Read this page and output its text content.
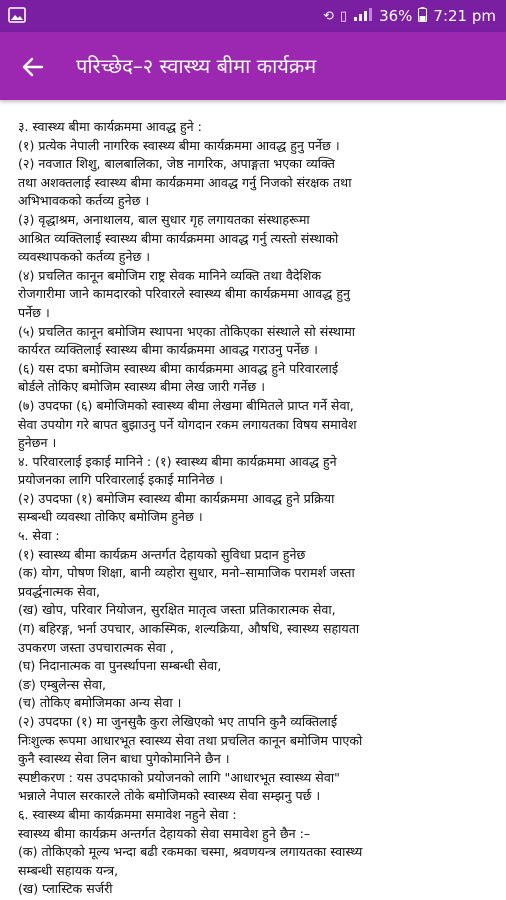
⟲ ▯ 36% 7:21 pm
परिच्छेद–२ स्वास्थ्य बीमा कार्यक्रम
३. स्वास्थ्य बीमा कार्यक्रममा आवद्ध हुने :
(१) प्रत्येक नेपाली नागरिक स्वास्थ्य बीमा कार्यक्रममा आवद्ध हुनु पर्नेछ ।
(२) नवजात शिशु, बालबालिका, जेष्ठ नागरिक, अपाङ्गता भएका व्यक्ति
तथा अशक्तलाई स्वास्थ्य बीमा कार्यक्रममा आवद्ध गर्नु निजको संरक्षक तथा
अभिभावकको कर्तव्य हुनेछ ।
(३) वृद्धाश्रम, अनाथालय, बाल सुधार गृह लगायतका संस्थाहरूमा
आश्रित व्यक्तिलाई स्वास्थ्य बीमा कार्यक्रममा आवद्ध गर्नु त्यस्तो संस्थाको
व्यवस्थापकको कर्तव्य हुनेछ ।
(४) प्रचलित कानून बमोजिम राष्ट्र सेवक मानिने व्यक्ति तथा वैदेशिक
रोजगारीमा जाने कामदारको परिवारले स्वास्थ्य बीमा कार्यक्रममा आवद्ध हुनु
पर्नेछ ।
(५) प्रचलित कानून बमोजिम स्थापना भएका तोकिएका संस्थाले सो संस्थामा
कार्यरत व्यक्तिलाई स्वास्थ्य बीमा कार्यक्रममा आवद्ध गराउनु पर्नेछ ।
(६) यस दफा बमोजिम स्वास्थ्य बीमा कार्यक्रममा आवद्ध हुने परिवारलाई
बोर्डले तोकिए बमोजिम स्वास्थ्य बीमा लेख जारी गर्नेछ ।
(७) उपदफा (६) बमोजिमको स्वास्थ्य बीमा लेखमा बीमितले प्राप्त गर्ने सेवा,
सेवा उपयोग गरे बापत बुझाउनु पर्ने योगदान रकम लगायतका विषय समावेश
हुनेछन ।
४. परिवारलाई इकाई मानिने : (१) स्वास्थ्य बीमा कार्यक्रममा आवद्ध हुने
प्रयोजनका लागि परिवारलाई इकाई मानिनेछ ।
(२) उपदफा (१) बमोजिम स्वास्थ्य बीमा कार्यक्रममा आवद्ध हुने प्रक्रिया
सम्बन्धी व्यवस्था तोकिए बमोजिम हुनेछ ।
५. सेवा :
(१) स्वास्थ्य बीमा कार्यक्रम अन्तर्गत देहायको सुविधा प्रदान हुनेछ
(क) योग, पोषण शिक्षा, बानी व्यहोरा सुधार, मनो–सामाजिक परामर्श जस्ता
प्रवर्द्धनात्मक सेवा,
(ख) खोप, परिवार नियोजन, सुरक्षित मातृत्व जस्ता प्रतिकारात्मक सेवा,
(ग) बहिरङ्ग, भर्ना उपचार, आकस्मिक, शल्यक्रिया, औषधि, स्वास्थ्य सहायता
उपकरण जस्ता उपचारात्मक सेवा ,
(घ) निदानात्मक वा पुनर्स्थापना सम्बन्धी सेवा,
(ङ) एम्बुलेन्स सेवा,
(च) तोकिए बमोजिमका अन्य सेवा ।
(२) उपदफा (१) मा जुनसुकै कुरा लेखिएको भए तापनि कुनै व्यक्तिलाई
निःशुल्क रूपमा आधारभूत स्वास्थ्य सेवा तथा प्रचलित कानून बमोजिम पाएको
कुनै स्वास्थ्य सेवा लिन बाधा पुगेकोमानिने छैन ।
स्पष्टीकरण : यस उपदफाको प्रयोजनको लागि "आधारभूत स्वास्थ्य सेवा"
भन्नाले नेपाल सरकारले तोके बमोजिमको स्वास्थ्य सेवा सम्झनु पर्छ ।
६. स्वास्थ्य बीमा कार्यक्रममा समावेश नहुने सेवा :
स्वास्थ्य बीमा कार्यक्रम अन्तर्गत देहायको सेवा समावेश हुने छैन :–
(क) तोकिएको मूल्य भन्दा बढी रकमका चस्मा, श्रवणयन्त्र लगायतका स्वास्थ्य
सम्बन्धी सहायक यन्त्र,
(ख) प्लास्टिक सर्जरी
